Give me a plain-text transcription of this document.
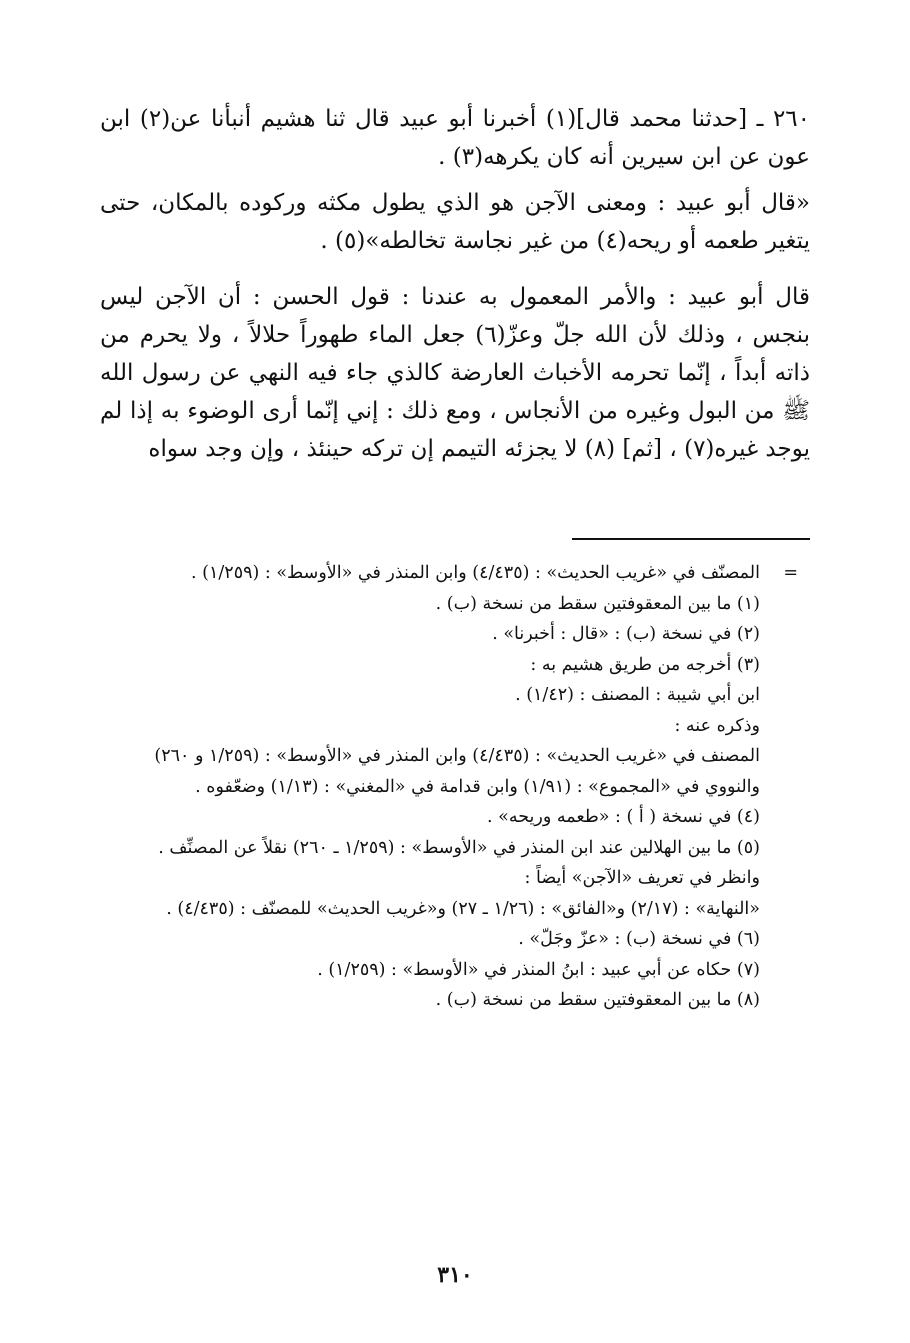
٢٦٠ ـ [حدثنا محمد قال](١) أخبرنا أبو عبيد قال ثنا هشيم أنبأنا عن(٢) ابن عون عن ابن سيرين أنه كان يكرهه(٣) .

«قال أبو عبيد : ومعنى الآجن هو الذي يطول مكثه وركوده بالمكان، حتى يتغير طعمه أو ريحه(٤) من غير نجاسة تخالطه»(٥) .

قال أبو عبيد : والأمر المعمول به عندنا : قول الحسن : أن الآجن ليس بنجس ، وذلك لأن الله جلّ وعزّ(٦) جعل الماء طهوراً حلالاً ، ولا يحرم من ذاته أبداً ، إنّما تحرمه الأخباث العارضة كالذي جاء فيه النهي عن رسول الله ﷺ من البول وغيره من الأنجاس ، ومع ذلك : إني إنّما أرى الوضوء به إذا لم يوجد غيره(٧) ، [ثم] (٨) لا يجزئه التيمم إن تركه حينئذ ، وإن وجد سواه

=
المصنّف في «غريب الحديث» : (٤/٤٣٥) وابن المنذر في «الأوسط» : (١/٢٥٩) .

(١) ما بين المعقوفتين سقط من نسخة (ب) .

(٢) في نسخة (ب) : «قال : أخبرنا» .

(٣) أخرجه من طريق هشيم به :

ابن أبي شيبة : المصنف : (١/٤٢) .

وذكره عنه :

المصنف في «غريب الحديث» : (٤/٤٣٥) وابن المنذر في «الأوسط» : (١/٢٥٩ و ٢٦٠) والنووي في «المجموع» : (١/٩١) وابن قدامة في «المغني» : (١/١٣) وضعّفوه .

(٤) في نسخة ( أ ) : «طعمه وريحه» .

(٥) ما بين الهلالين عند ابن المنذر في «الأوسط» : (١/٢٥٩ ـ ٢٦٠) نقلاً عن المصنِّف .

وانظر في تعريف «الآجن» أيضاً :

«النهاية» : (٢/١٧) و«الفائق» : (١/٢٦ ـ ٢٧) و«غريب الحديث» للمصنّف : (٤/٤٣٥) .

(٦) في نسخة (ب) : «عزّ وجَلّ» .

(٧) حكاه عن أبي عبيد : ابنُ المنذر في «الأوسط» : (١/٢٥٩) .

(٨) ما بين المعقوفتين سقط من نسخة (ب) .

٣١٠
